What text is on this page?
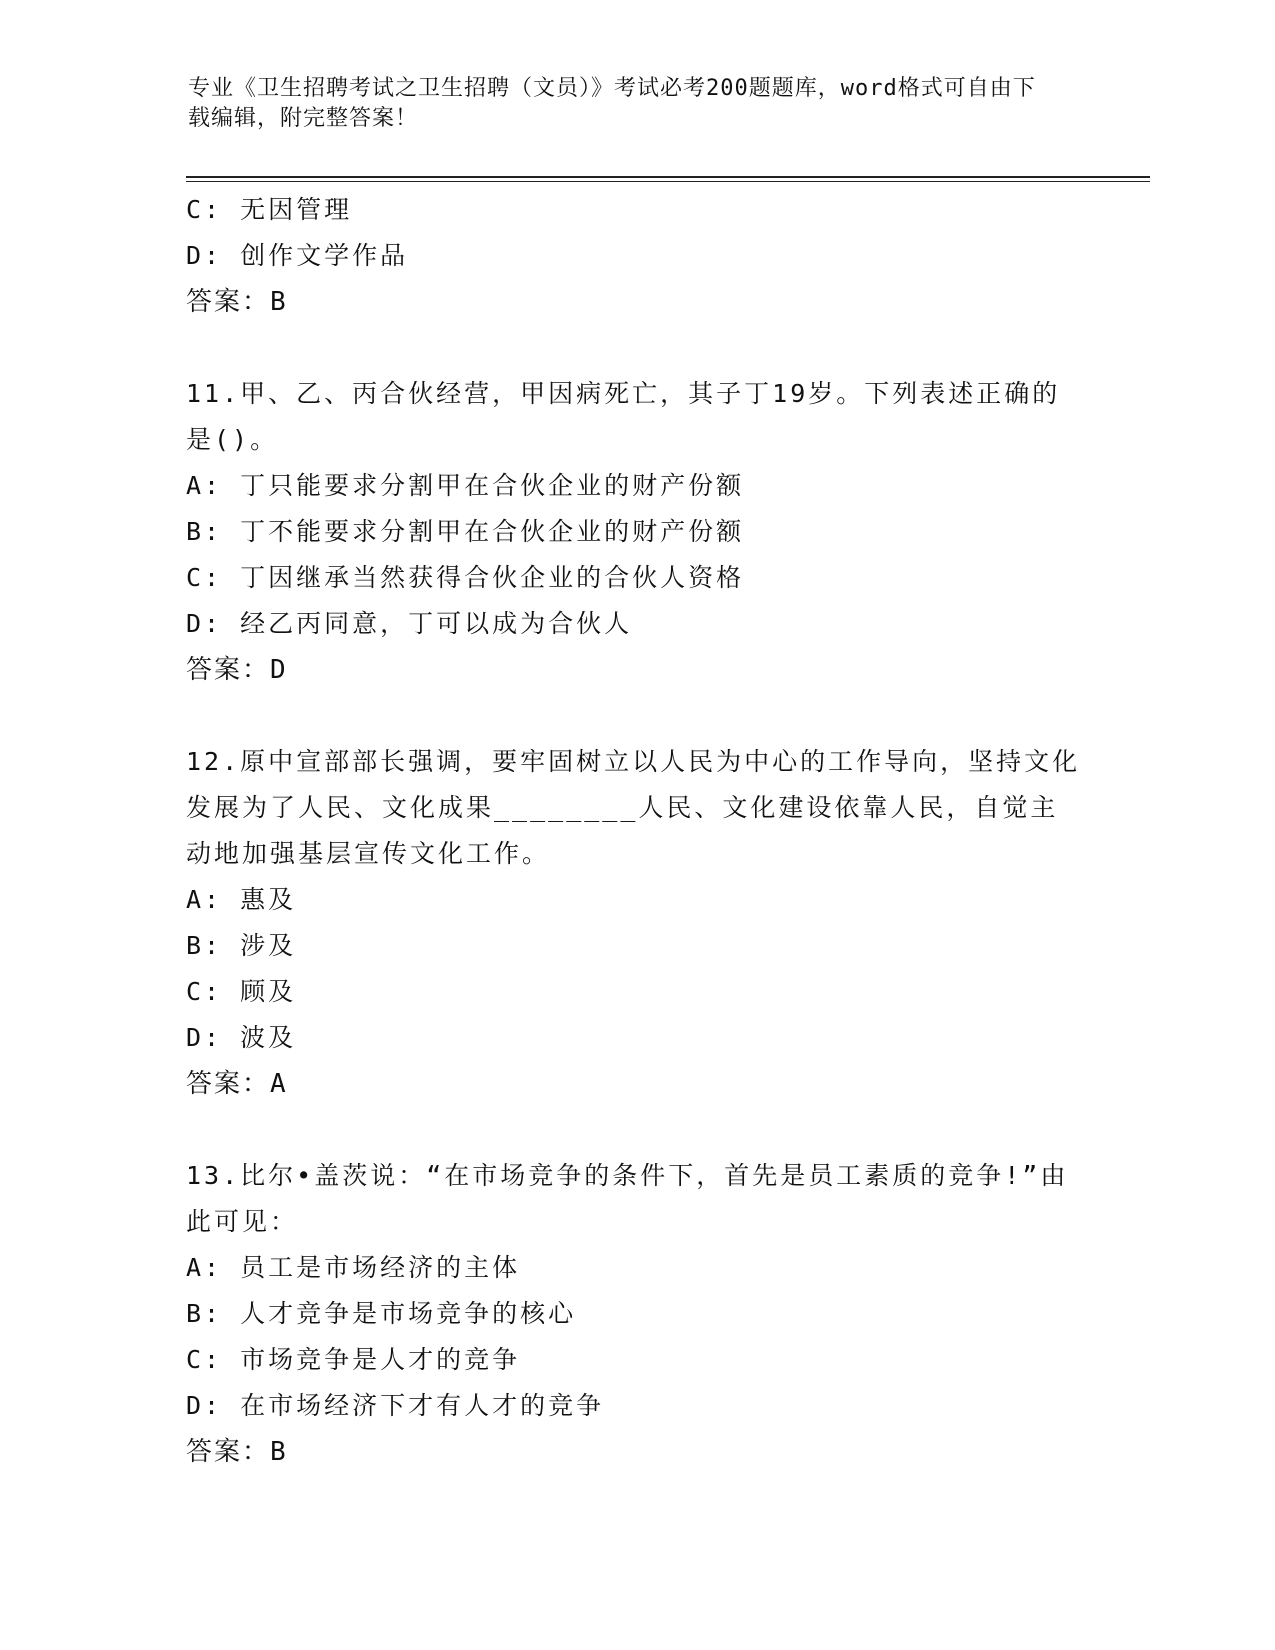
专业《卫生招聘考试之卫生招聘（文员）》考试必考200题题库，word格式可自由下载编辑，附完整答案！
C: 无因管理
D: 创作文学作品
答案：B
11.甲、乙、丙合伙经营，甲因病死亡，其子丁19岁。下列表述正确的是()。
A: 丁只能要求分割甲在合伙企业的财产份额
B: 丁不能要求分割甲在合伙企业的财产份额
C: 丁因继承当然获得合伙企业的合伙人资格
D: 经乙丙同意，丁可以成为合伙人
答案：D
12.原中宣部部长强调，要牢固树立以人民为中心的工作导向，坚持文化发展为了人民、文化成果________人民、文化建设依靠人民，自觉主动地加强基层宣传文化工作。
A: 惠及
B: 涉及
C: 顾及
D: 波及
答案：A
13.比尔•盖茨说：“在市场竞争的条件下，首先是员工素质的竞争!”由此可见：
A: 员工是市场经济的主体
B: 人才竞争是市场竞争的核心
C: 市场竞争是人才的竞争
D: 在市场经济下才有人才的竞争
答案：B
